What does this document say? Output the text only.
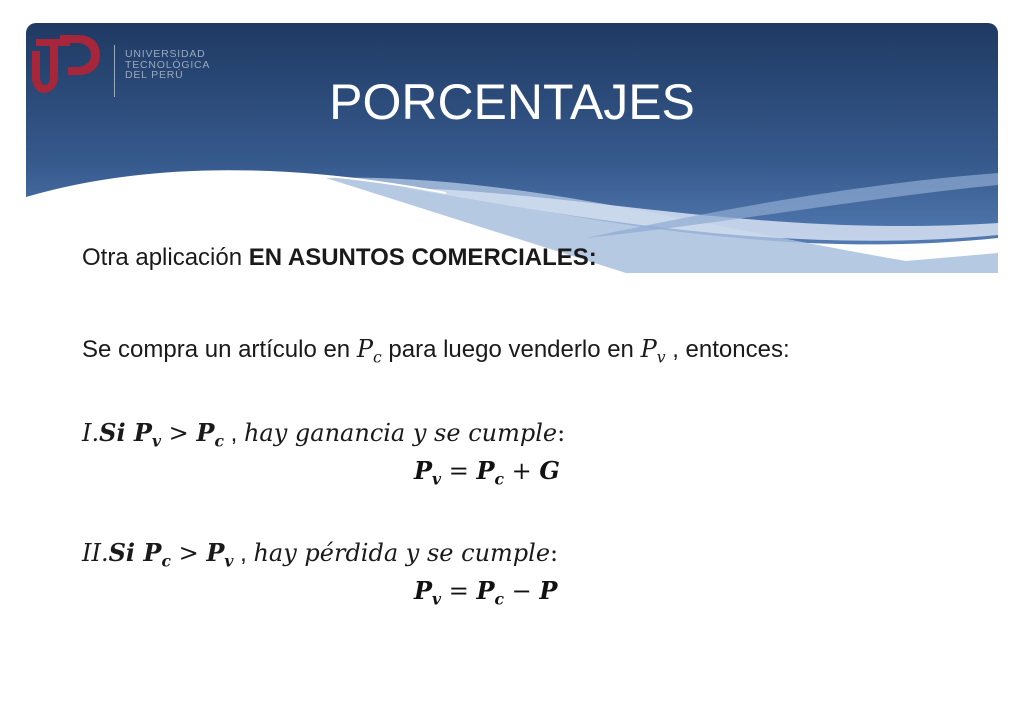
UNIVERSIDAD
TECNOLÓGICA
DEL PERÚ	PORCENTAJES
Otra aplicación EN ASUNTOS COMERCIALES:
Se compra un artículo en $P_c$ para luego venderlo en $P_v$ , entonces:
I.Si $P_v > P_c$ , hay ganancia y se cumple:
$P_v = P_c + G$
II.Si $P_c > P_v$ , hay pérdida y se cumple:
$P_v = P_c - P$
